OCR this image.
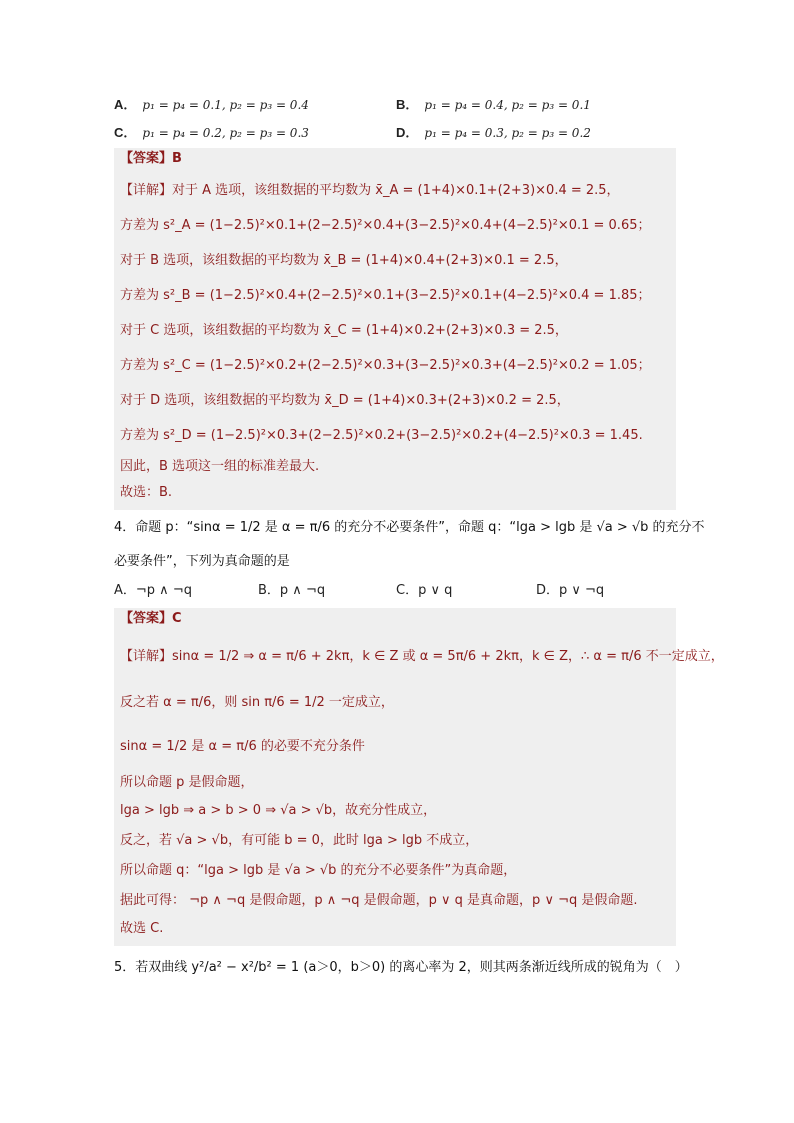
A． p₁ = p₄ = 0.1, p₂ = p₃ = 0.4	B． p₁ = p₄ = 0.4, p₂ = p₃ = 0.1
C． p₁ = p₄ = 0.2, p₂ = p₃ = 0.3	D． p₁ = p₄ = 0.3, p₂ = p₃ = 0.2
【答案】B
【详解】对于 A 选项，该组数据的平均数为 x̄_A = (1+4)×0.1+(2+3)×0.4 = 2.5，
方差为 s²_A = (1−2.5)²×0.1+(2−2.5)²×0.4+(3−2.5)²×0.4+(4−2.5)²×0.1 = 0.65；
对于 B 选项，该组数据的平均数为 x̄_B = (1+4)×0.4+(2+3)×0.1 = 2.5，
方差为 s²_B = (1−2.5)²×0.4+(2−2.5)²×0.1+(3−2.5)²×0.1+(4−2.5)²×0.4 = 1.85；
对于 C 选项，该组数据的平均数为 x̄_C = (1+4)×0.2+(2+3)×0.3 = 2.5，
方差为 s²_C = (1−2.5)²×0.2+(2−2.5)²×0.3+(3−2.5)²×0.3+(4−2.5)²×0.2 = 1.05；
对于 D 选项，该组数据的平均数为 x̄_D = (1+4)×0.3+(2+3)×0.2 = 2.5，
方差为 s²_D = (1−2.5)²×0.3+(2−2.5)²×0.2+(3−2.5)²×0.2+(4−2.5)²×0.3 = 1.45.
因此，B 选项这一组的标准差最大.
故选：B.
4．命题 p：“sinα = 1/2 是 α = π/6 的充分不必要条件”，命题 q：“lga > lgb 是 √a > √b 的充分不
必要条件”，下列为真命题的是
A．¬p ∧ ¬q	B．p ∧ ¬q	C．p ∨ q	D．p ∨ ¬q
【答案】C
【详解】sinα = 1/2 ⇒ α = π/6 + 2kπ，k ∈ Z 或 α = 5π/6 + 2kπ，k ∈ Z，∴ α = π/6 不一定成立，
反之若 α = π/6，则 sin π/6 = 1/2 一定成立，
sinα = 1/2 是 α = π/6 的必要不充分条件
所以命题 p 是假命题，
lga > lgb ⇒ a > b > 0 ⇒ √a > √b，故充分性成立，
反之，若 √a > √b，有可能 b = 0，此时 lga > lgb 不成立，
所以命题 q：“lga > lgb 是 √a > √b 的充分不必要条件”为真命题，
据此可得： ¬p ∧ ¬q 是假命题，p ∧ ¬q 是假命题，p ∨ q 是真命题，p ∨ ¬q 是假命题.
故选 C.
5．若双曲线 y²/a² − x²/b² = 1 (a＞0，b＞0) 的离心率为 2，则其两条渐近线所成的锐角为（　）
